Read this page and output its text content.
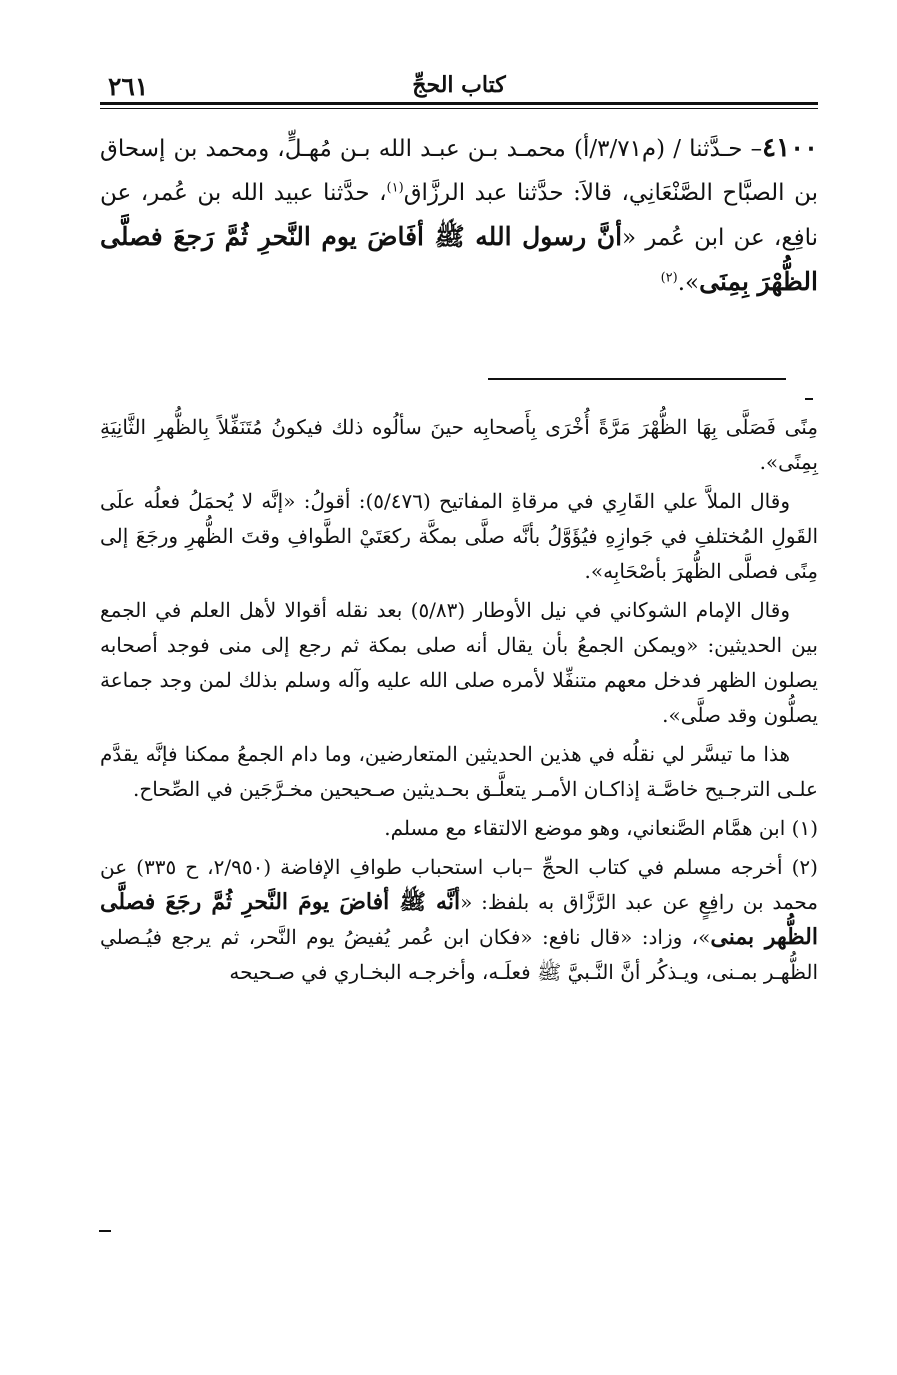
٢٦١	كتاب الحجِّ

٤١٠٠– حـدَّثنا / (م٣/٧١/أ) محمـد بـن عبـد الله بـن مُهـلٍّ، ومحمد بن إسحاق بن الصبَّاح الصَّنْعَانِي، قالاَ: حدَّثنا عبد الرزَّاق$^{(١)}$، حدَّثنا عبيد الله بن عُمر، عن نافِع، عن ابن عُمر «أنَّ رسول الله ﷺ أفَاضَ يوم النَّحرِ ثُمَّ رَجعَ فصلَّى الظُّهْرَ بِمِنَى».$^{(٢)}$

مِنًى فَصَلَّى بِهَا الظُّهْرَ مَرَّةً أُخْرَى بِأَصحابِه حينَ سألُوه ذلك فيكونُ مُتَنَفِّلاً بِالظُّهرِ الثَّانِيَةِ بِمِنًى».

وقال الملاَّ علي القَارِي في مرقاةِ المفاتيح (٥/٤٧٦): أقولُ: «إنَّه لا يُحمَلُ فعلُه علَى القَولِ المُختلفِ في جَوازِهِ فيُؤَوَّلُ بأنَّه صلَّى بمكَّة ركعَتَيْ الطَّوافِ وقتَ الظُّهرِ ورجَعَ إلى مِنًى فصلَّى الظُّهرَ بأصْحَابِه».

وقال الإمام الشوكاني في نيل الأوطار (٥/٨٣) بعد نقله أقوالا لأهل العلم في الجمع بين الحديثين: «ويمكن الجمعُ بأن يقال أنه صلى بمكة ثم رجع إلى منى فوجد أصحابه يصلون الظهر فدخل معهم متنفِّلا لأمره صلى الله عليه وآله وسلم بذلك لمن وجد جماعة يصلُّون وقد صلَّى».

هذا ما تيسَّر لي نقلُه في هذين الحديثين المتعارضين، وما دام الجمعُ ممكنا فإنَّه يقدَّم علـى الترجـيح خاصَّـة إذاكـان الأمـر يتعلَّـق بحـديثين صـحيحين مخـرَّجَين في الصِّحاح.

(١) ابن همَّام الصَّنعاني، وهو موضع الالتقاء مع مسلم.

(٢) أخرجه مسلم في كتاب الحجِّ –باب استحباب طوافِ الإفاضة (٢/٩٥٠، ح ٣٣٥) عن محمد بن رافِعٍ عن عبد الرَّزَّاق به بلفظ: «أنَّه ﷺ أفاضَ يومَ النَّحرِ ثُمَّ رجَعَ فصلَّى الظُّهر بمنى»، وزاد: «قال نافع: «فكان ابن عُمر يُفيضُ يوم النَّحر، ثم يرجع فيُـصلي الظُّهـر بمـنى، ويـذكُر أنَّ النَّـبيَّ ﷺ فعلَـه، وأخرجـه البخـاري في صـحيحه
